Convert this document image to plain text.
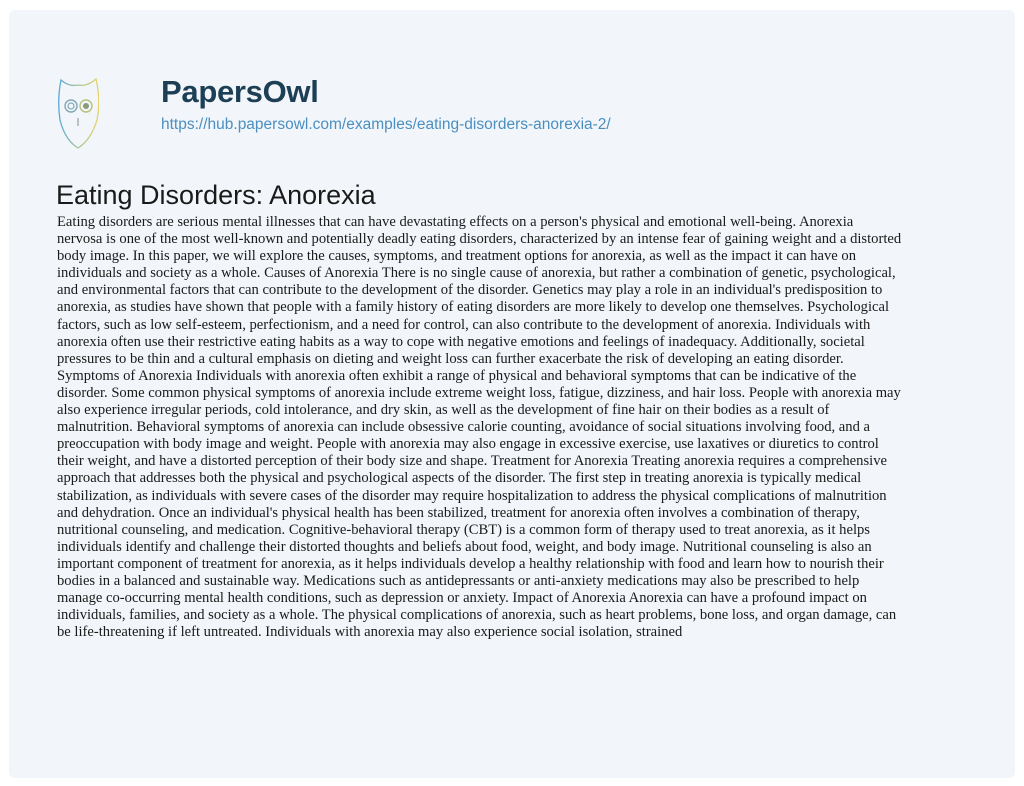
PapersOwl
https://hub.papersowl.com/examples/eating-disorders-anorexia-2/
Eating Disorders: Anorexia
Eating disorders are serious mental illnesses that can have devastating effects on a person's physical and emotional well-being. Anorexia
nervosa is one of the most well-known and potentially deadly eating disorders, characterized by an intense fear of gaining weight and a distorted
body image. In this paper, we will explore the causes, symptoms, and treatment options for anorexia, as well as the impact it can have on
individuals and society as a whole. Causes of Anorexia There is no single cause of anorexia, but rather a combination of genetic, psychological,
and environmental factors that can contribute to the development of the disorder. Genetics may play a role in an individual's predisposition to
anorexia, as studies have shown that people with a family history of eating disorders are more likely to develop one themselves. Psychological
factors, such as low self-esteem, perfectionism, and a need for control, can also contribute to the development of anorexia. Individuals with
anorexia often use their restrictive eating habits as a way to cope with negative emotions and feelings of inadequacy. Additionally, societal
pressures to be thin and a cultural emphasis on dieting and weight loss can further exacerbate the risk of developing an eating disorder.
Symptoms of Anorexia Individuals with anorexia often exhibit a range of physical and behavioral symptoms that can be indicative of the
disorder. Some common physical symptoms of anorexia include extreme weight loss, fatigue, dizziness, and hair loss. People with anorexia may
also experience irregular periods, cold intolerance, and dry skin, as well as the development of fine hair on their bodies as a result of
malnutrition. Behavioral symptoms of anorexia can include obsessive calorie counting, avoidance of social situations involving food, and a
preoccupation with body image and weight. People with anorexia may also engage in excessive exercise, use laxatives or diuretics to control
their weight, and have a distorted perception of their body size and shape. Treatment for Anorexia Treating anorexia requires a comprehensive
approach that addresses both the physical and psychological aspects of the disorder. The first step in treating anorexia is typically medical
stabilization, as individuals with severe cases of the disorder may require hospitalization to address the physical complications of malnutrition
and dehydration. Once an individual's physical health has been stabilized, treatment for anorexia often involves a combination of therapy,
nutritional counseling, and medication. Cognitive-behavioral therapy (CBT) is a common form of therapy used to treat anorexia, as it helps
individuals identify and challenge their distorted thoughts and beliefs about food, weight, and body image. Nutritional counseling is also an
important component of treatment for anorexia, as it helps individuals develop a healthy relationship with food and learn how to nourish their
bodies in a balanced and sustainable way. Medications such as antidepressants or anti-anxiety medications may also be prescribed to help
manage co-occurring mental health conditions, such as depression or anxiety. Impact of Anorexia Anorexia can have a profound impact on
individuals, families, and society as a whole. The physical complications of anorexia, such as heart problems, bone loss, and organ damage, can
be life-threatening if left untreated. Individuals with anorexia may also experience social isolation, strained
